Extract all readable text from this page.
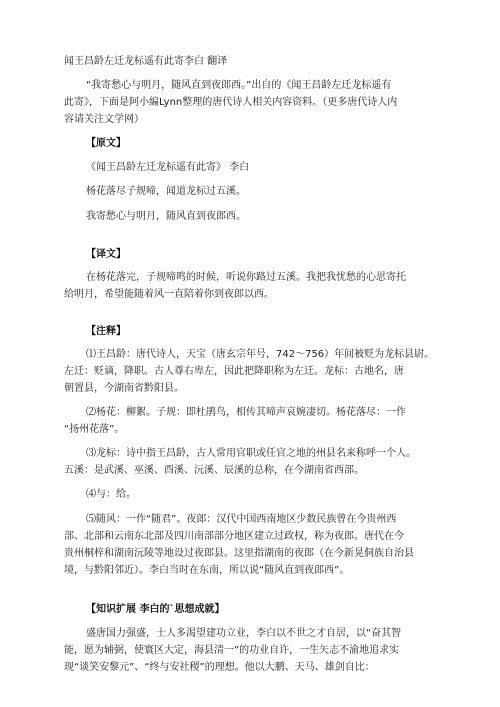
闻王昌龄左迁龙标遥有此寄李白 翻译

“我寄愁心与明月，随风直到夜郎西。”出自的《闻王昌龄左迁龙标遥有

此寄》，下面是阿小编Lynn整理的唐代诗人相关内容资料。（更多唐代诗人内

容请关注文学网）

【原文】

《闻王昌龄左迁龙标遥有此寄》 李白

杨花落尽子规啼，闻道龙标过五溪。

我寄愁心与明月，随风直到夜郎西。

【译文】

在杨花落完，子规啼鸣的时候，听说你路过五溪。我把我忧愁的心思寄托

给明月，希望能随着风一直陪着你到夜郎以西。

【注释】

⑴王昌龄：唐代诗人，天宝（唐玄宗年号，742～756）年间被贬为龙标县尉。

左迁：贬谪，降职。古人尊右卑左，因此把降职称为左迁。龙标：古地名，唐

朝置县，今湖南省黔阳县。

⑵杨花：柳絮。子规：即杜鹃鸟，相传其啼声哀婉凄切。杨花落尽：一作

“扬州花落”。

⑶龙标：诗中指王昌龄，古人常用官职或任官之地的州县名来称呼一个人。

五溪：是武溪、巫溪、酉溪、沅溪、辰溪的总称，在今湖南省西部。

⑷与：给。

⑸随风：一作“随君”。夜郎：汉代中国西南地区少数民族曾在今贵州西

部、北部和云南东北部及四川南部部分地区建立过政权，称为夜郎。唐代在今

贵州桐梓和湖南沅陵等地设过夜郎县。这里指湖南的夜郎（在今新晃侗族自治县

境，与黔阳邻近）。李白当时在东南，所以说“随风直到夜郎西”。

【知识扩展 李白的`思想成就】

盛唐国力强盛，士人多渴望建功立业，李白以不世之才自居，以“奋其智

能，愿为辅弼，使寰区大定，海县清一”的功业自许，一生矢志不渝地追求实

现“谈笑安黎元”、“终与安社稷”的理想。他以大鹏、天马、雄剑自比：
